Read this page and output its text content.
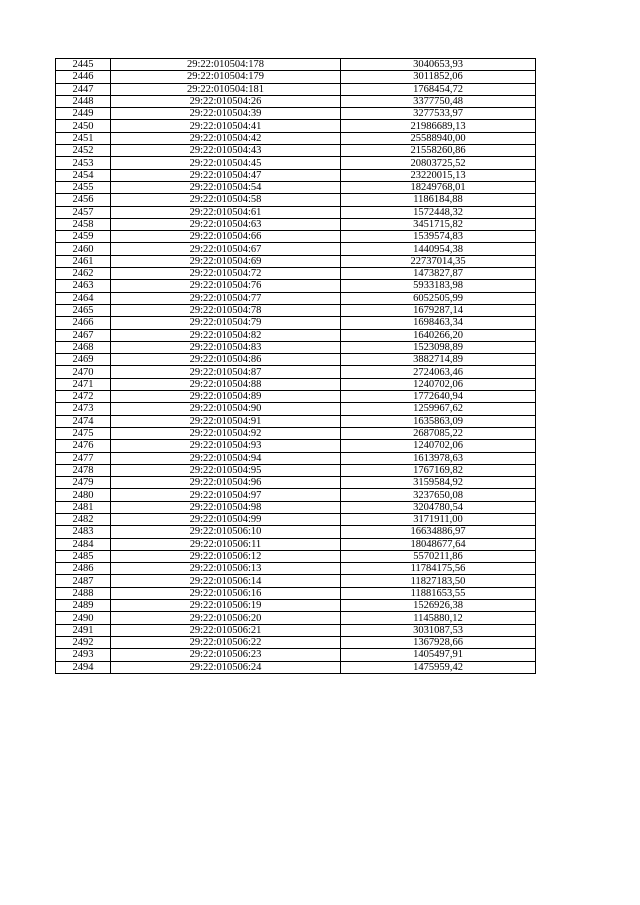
2445	29:22:010504:178	3040653,93
2446	29:22:010504:179	3011852,06
2447	29:22:010504:181	1768454,72
2448	29:22:010504:26	3377750,48
2449	29:22:010504:39	3277533,97
2450	29:22:010504:41	21986689,13
2451	29:22:010504:42	25588940,00
2452	29:22:010504:43	21558260,86
2453	29:22:010504:45	20803725,52
2454	29:22:010504:47	23220015,13
2455	29:22:010504:54	18249768,01
2456	29:22:010504:58	1186184,88
2457	29:22:010504:61	1572448,32
2458	29:22:010504:63	3451715,82
2459	29:22:010504:66	1539574,83
2460	29:22:010504:67	1440954,38
2461	29:22:010504:69	22737014,35
2462	29:22:010504:72	1473827,87
2463	29:22:010504:76	5933183,98
2464	29:22:010504:77	6052505,99
2465	29:22:010504:78	1679287,14
2466	29:22:010504:79	1698463,34
2467	29:22:010504:82	1640266,20
2468	29:22:010504:83	1523098,89
2469	29:22:010504:86	3882714,89
2470	29:22:010504:87	2724063,46
2471	29:22:010504:88	1240702,06
2472	29:22:010504:89	1772640,94
2473	29:22:010504:90	1259967,62
2474	29:22:010504:91	1635863,09
2475	29:22:010504:92	2687085,22
2476	29:22:010504:93	1240702,06
2477	29:22:010504:94	1613978,63
2478	29:22:010504:95	1767169,82
2479	29:22:010504:96	3159584,92
2480	29:22:010504:97	3237650,08
2481	29:22:010504:98	3204780,54
2482	29:22:010504:99	3171911,00
2483	29:22:010506:10	16634886,97
2484	29:22:010506:11	18048677,64
2485	29:22:010506:12	5570211,86
2486	29:22:010506:13	11784175,56
2487	29:22:010506:14	11827183,50
2488	29:22:010506:16	11881653,55
2489	29:22:010506:19	1526926,38
2490	29:22:010506:20	1145880,12
2491	29:22:010506:21	3031087,53
2492	29:22:010506:22	1367928,66
2493	29:22:010506:23	1405497,91
2494	29:22:010506:24	1475959,42
